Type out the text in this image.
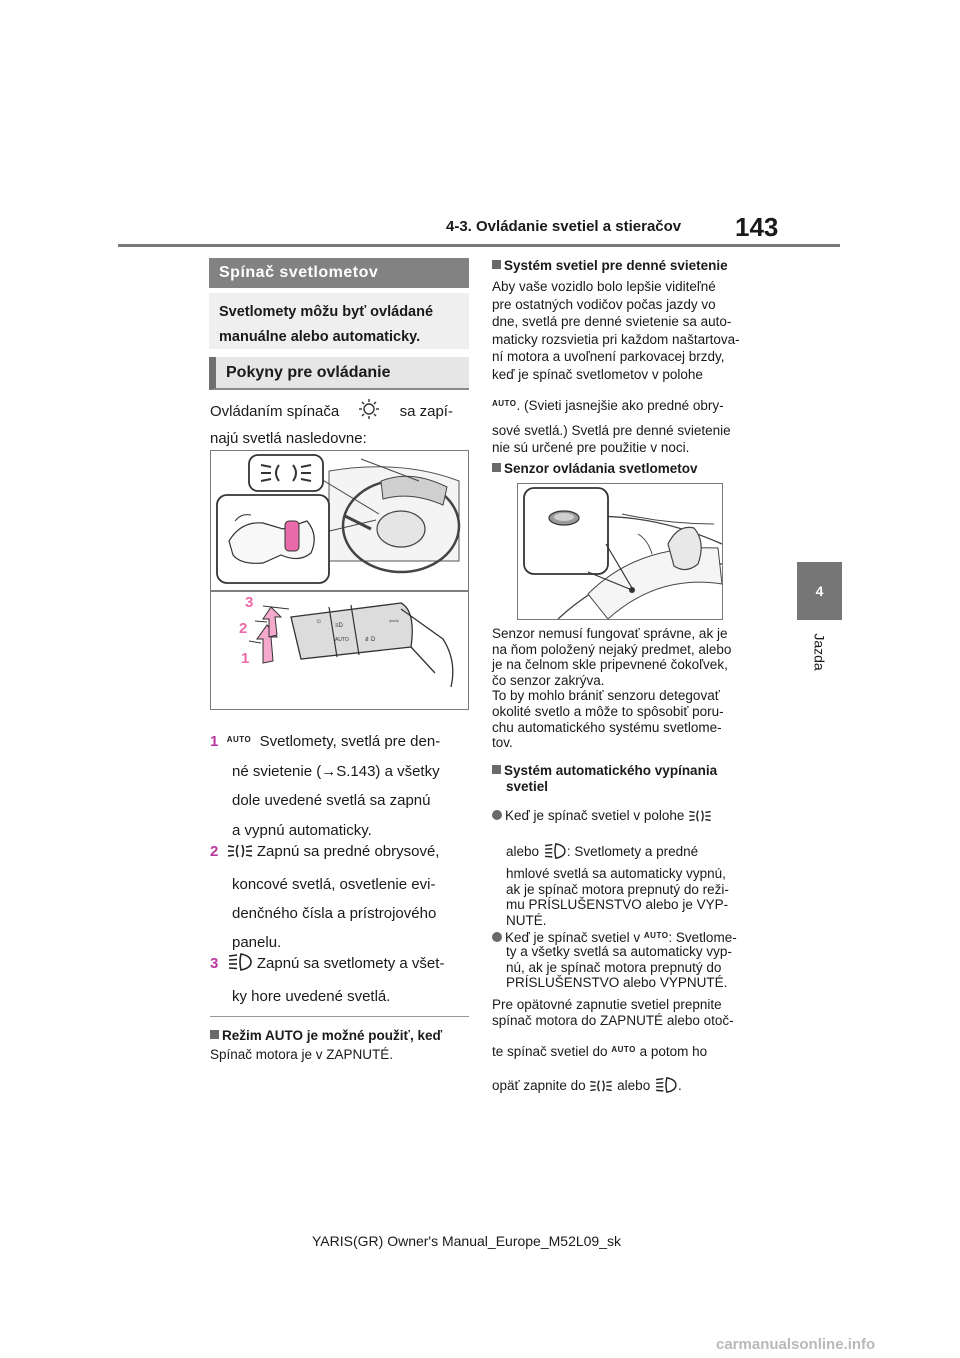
4-3. Ovládanie svetiel a stieračov 143
4
Jazda
Spínač svetlometov
Svetlomety môžu byť ovládané
manuálne alebo automaticky.
Pokyny pre ovládanie
Ovládaním spínača	sa zapí-
najú svetlá nasledovne:
☼
≡D
AUTO	≢D
⇦⇨
3
2
1
1 $^{AUTO}$ Svetlomety, svetlá pre den-
né svietenie (→S.143) a všetky
dole uvedené svetlá sa zapnú
a vypnú automaticky.
2	Zapnú sa predné obrysové,
koncové svetlá, osvetlenie evi-
denčného čísla a prístrojového
panelu.
3	Zapnú sa svetlomety a všet-
ky hore uvedené svetlá.
Režim AUTO je možné použiť, keď
Spínač motora je v ZAPNUTÉ.
Systém svetiel pre denné svietenie
Aby vaše vozidlo bolo lepšie viditeľné
pre ostatných vodičov počas jazdy vo
dne, svetlá pre denné svietenie sa auto-
maticky rozsvietia pri každom naštartova-
ní motora a uvoľnení parkovacej brzdy,
keď je spínač svetlometov v polohe
$^{AUTO}$. (Svieti jasnejšie ako predné obry-
sové svetlá.) Svetlá pre denné svietenie
nie sú určené pre použitie v noci.
Senzor ovládania svetlometov
Senzor nemusí fungovať správne, ak je
na ňom položený nejaký predmet, alebo
je na čelnom skle pripevnené čokoľvek,
čo senzor zakrýva.
To by mohlo brániť senzoru detegovať
okolité svetlo a môže to spôsobiť poru-
chu automatického systému svetlome-
tov.
Systém automatického vypínania
svetiel
Keď je spínač svetiel v polohe
alebo : Svetlomety a predné
hmlové svetlá sa automaticky vypnú,
ak je spínač motora prepnutý do reži-
mu PRÍSLUŠENSTVO alebo je VYP-
NUTÉ.
Keď je spínač svetiel v $^{AUTO}$: Svetlome-
ty a všetky svetlá sa automaticky vyp-
nú, ak je spínač motora prepnutý do
PRÍSLUŠENSTVO alebo VYPNUTÉ.
Pre opätovné zapnutie svetiel prepnite
spínač motora do ZAPNUTÉ alebo otoč-
te spínač svetiel do $^{AUTO}$ a potom ho
opäť zapnite do alebo .
YARIS(GR) Owner's Manual_Europe_M52L09_sk
carmanualsonline.info
